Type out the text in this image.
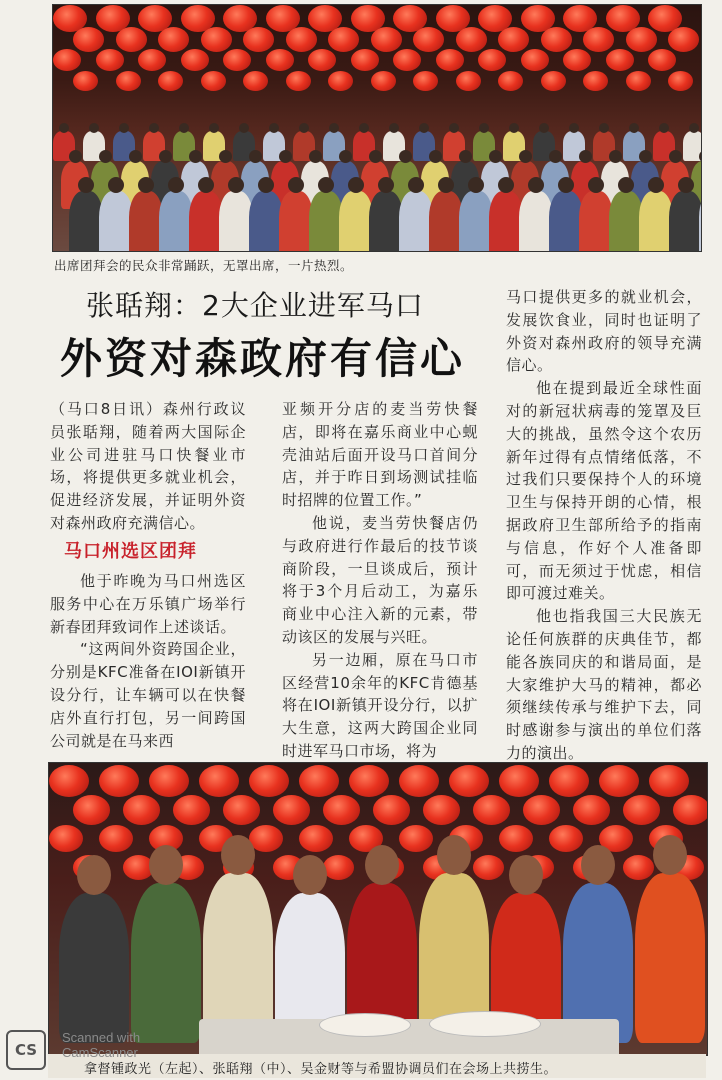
出席团拜会的民众非常踊跃，无罩出席，一片热烈。
张聒翔：2大企业进军马口
外资对森政府有信心

（马口8日讯）森州行政议员张聒翔，随着两大国际企业公司进驻马口快餐业市场，将提供更多就业机会，促进经济发展，并证明外资对森州政府充满信心。

马口州选区团拜

他于昨晚为马口州选区服务中心在万乐镇广场举行新春团拜致词作上述谈话。

“这两间外资跨国企业，分别是KFC准备在IOI新镇开设分行，让车辆可以在快餐店外直行打包，另一间跨国公司就是在马来西

亚频开分店的麦当劳快餐店，即将在嘉乐商业中心蚬壳油站后面开设马口首间分店，并于昨日到场测试挂临时招牌的位置工作。”

他说，麦当劳快餐店仍与政府进行作最后的技节谈商阶段，一旦谈成后，预计将于3个月后动工，为嘉乐商业中心注入新的元素，带动该区的发展与兴旺。

另一边厢，原在马口市区经营10余年的KFC肯德基将在IOI新镇开设分行，以扩大生意，这两大跨国企业同时进军马口市场，将为

马口提供更多的就业机会，发展饮食业，同时也证明了外资对森州政府的领导充满信心。

他在提到最近全球性面对的新冠状病毒的笼罩及巨大的挑战，虽然令这个农历新年过得有点情绪低落，不过我们只要保持个人的环境卫生与保持开朗的心情，根据政府卫生部所给予的指南与信息，作好个人准备即可，而无须过于忧虑，相信即可渡过难关。

他也指我国三大民族无论任何族群的庆典佳节，都能各族同庆的和谐局面，是大家维护大马的精神，都必须继续传承与维护下去，同时感谢参与演出的单位们落力的演出。

拿督锺政光（左起）、张聒翔（中）、吴金财等与希盟协调员们在会场上共捞生。
CS
Scanned with
CamScanner
